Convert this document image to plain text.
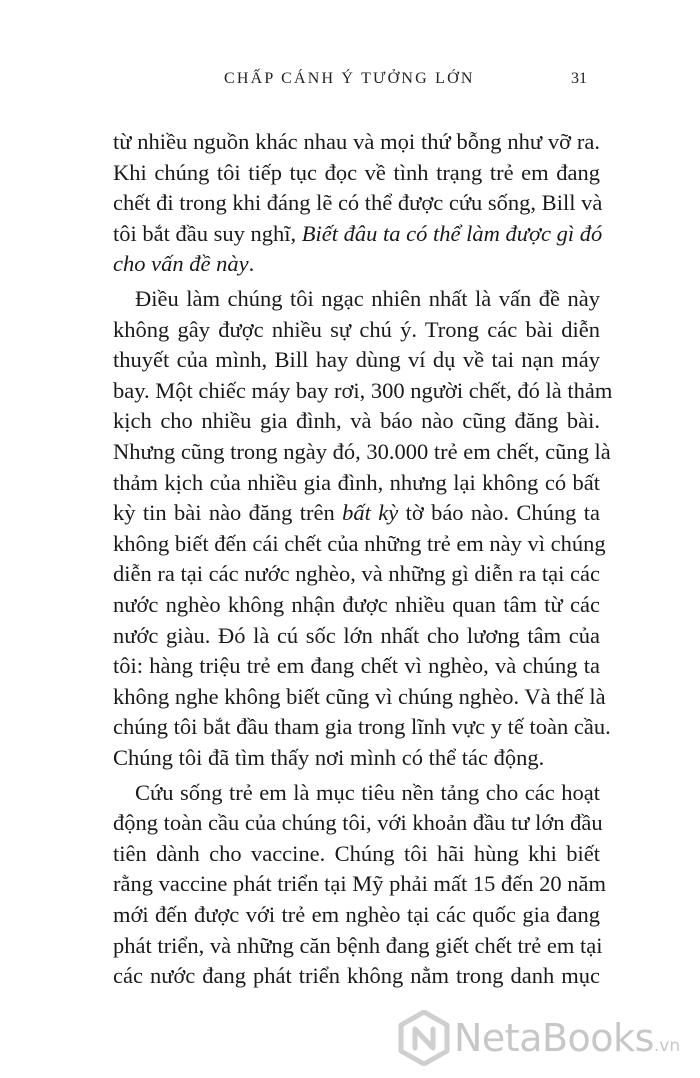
CHẤP CÁNH Ý TƯỞNG LỚN	31
từ nhiều nguồn khác nhau và mọi thứ bỗng như vỡ ra.
Khi chúng tôi tiếp tục đọc về tình trạng trẻ em đang
chết đi trong khi đáng lẽ có thể được cứu sống, Bill và
tôi bắt đầu suy nghĩ, Biết đâu ta có thể làm được gì đó
cho vấn đề này.
Điều làm chúng tôi ngạc nhiên nhất là vấn đề này
không gây được nhiều sự chú ý. Trong các bài diễn
thuyết của mình, Bill hay dùng ví dụ về tai nạn máy
bay. Một chiếc máy bay rơi, 300 người chết, đó là thảm
kịch cho nhiều gia đình, và báo nào cũng đăng bài.
Nhưng cũng trong ngày đó, 30.000 trẻ em chết, cũng là
thảm kịch của nhiều gia đình, nhưng lại không có bất
kỳ tin bài nào đăng trên bất kỳ tờ báo nào. Chúng ta
không biết đến cái chết của những trẻ em này vì chúng
diễn ra tại các nước nghèo, và những gì diễn ra tại các
nước nghèo không nhận được nhiều quan tâm từ các
nước giàu. Đó là cú sốc lớn nhất cho lương tâm của
tôi: hàng triệu trẻ em đang chết vì nghèo, và chúng ta
không nghe không biết cũng vì chúng nghèo. Và thế là
chúng tôi bắt đầu tham gia trong lĩnh vực y tế toàn cầu.
Chúng tôi đã tìm thấy nơi mình có thể tác động.
Cứu sống trẻ em là mục tiêu nền tảng cho các hoạt
động toàn cầu của chúng tôi, với khoản đầu tư lớn đầu
tiên dành cho vaccine. Chúng tôi hãi hùng khi biết
rằng vaccine phát triển tại Mỹ phải mất 15 đến 20 năm
mới đến được với trẻ em nghèo tại các quốc gia đang
phát triển, và những căn bệnh đang giết chết trẻ em tại
các nước đang phát triển không nằm trong danh mục
NetaBooks.vn
